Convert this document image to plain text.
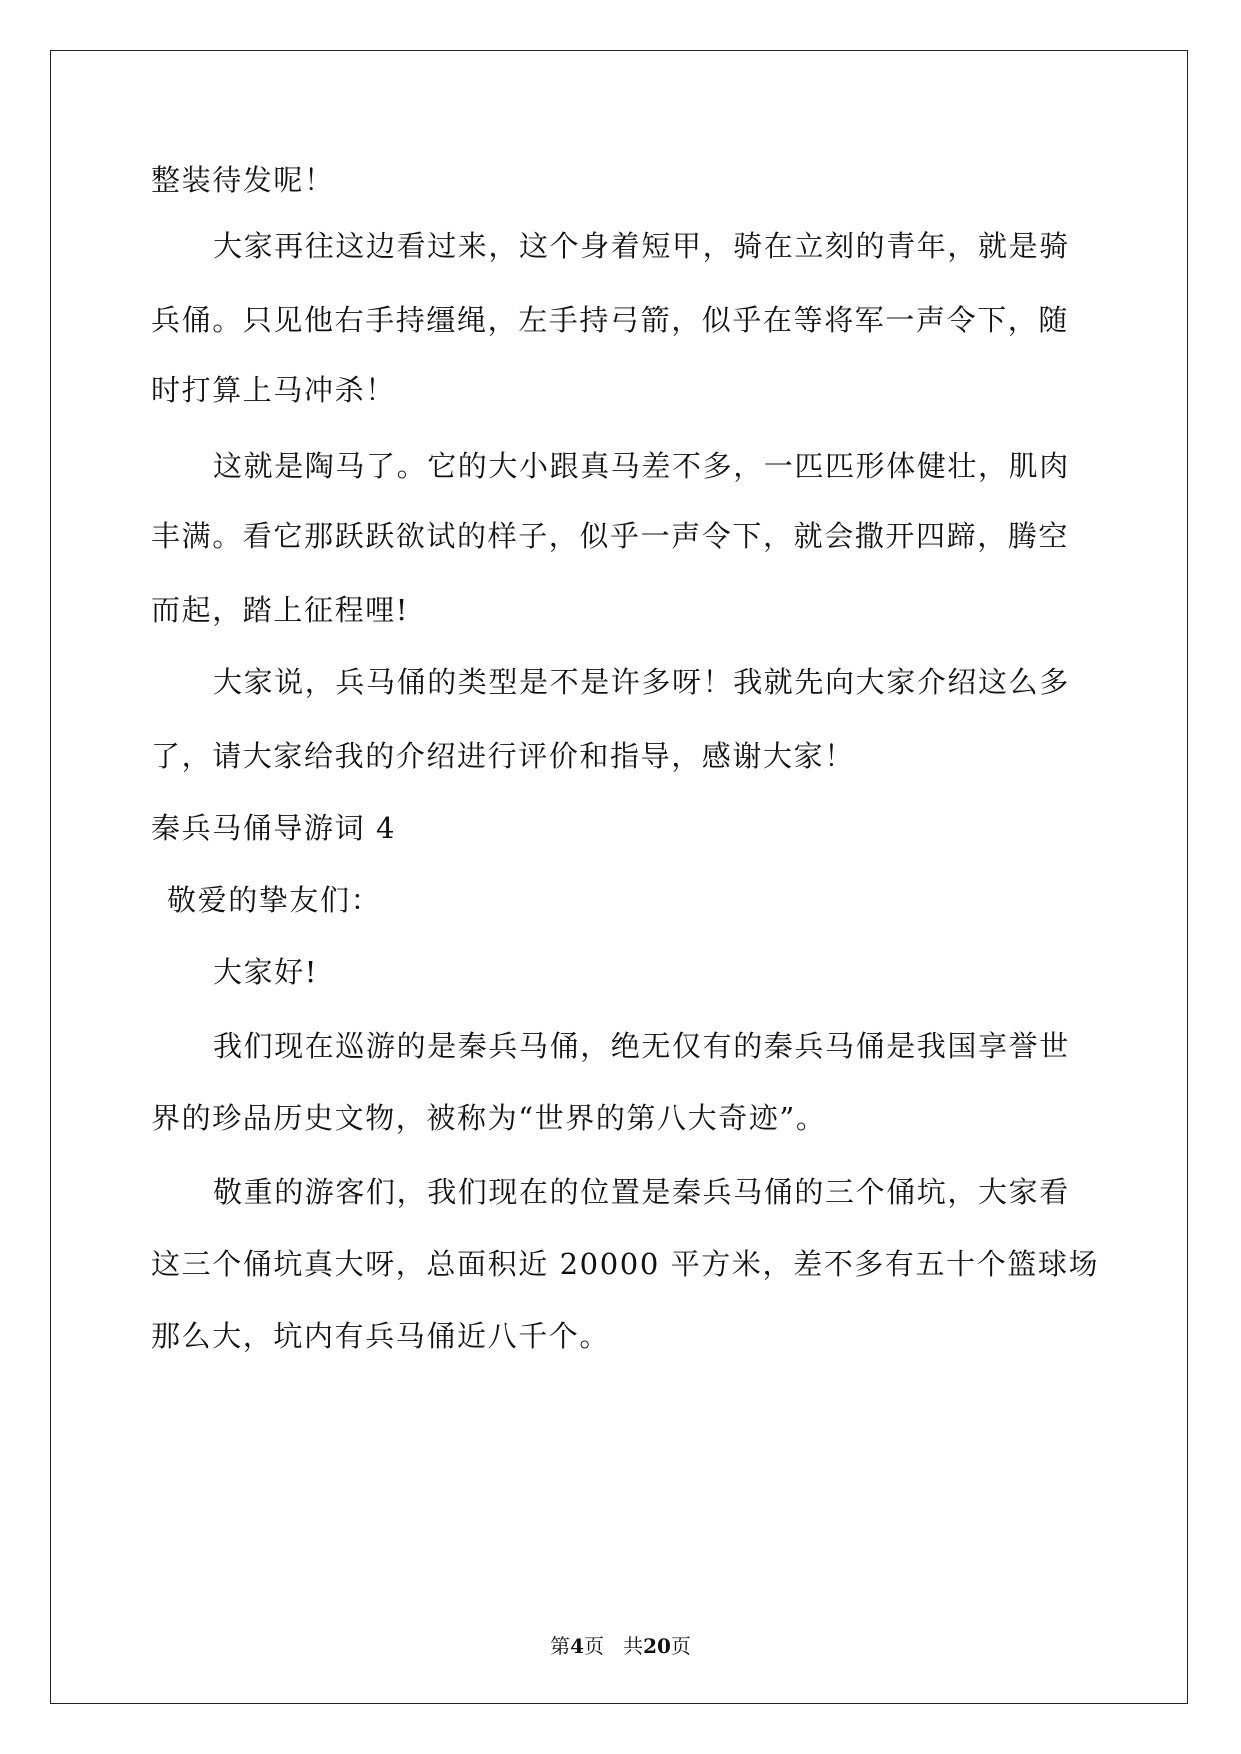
整装待发呢！
大家再往这边看过来，这个身着短甲，骑在立刻的青年，就是骑
兵俑。只见他右手持缰绳，左手持弓箭，似乎在等将军一声令下，随
时打算上马冲杀！
这就是陶马了。它的大小跟真马差不多，一匹匹形体健壮，肌肉
丰满。看它那跃跃欲试的样子，似乎一声令下，就会撒开四蹄，腾空
而起，踏上征程哩!
大家说，兵马俑的类型是不是许多呀！我就先向大家介绍这么多
了，请大家给我的介绍进行评价和指导，感谢大家！
秦兵马俑导游词 4
敬爱的挚友们：
大家好!
我们现在巡游的是秦兵马俑，绝无仅有的秦兵马俑是我国享誉世
界的珍品历史文物，被称为“世界的第八大奇迹”。
敬重的游客们，我们现在的位置是秦兵马俑的三个俑坑，大家看
这三个俑坑真大呀，总面积近 20000 平方米，差不多有五十个篮球场
那么大，坑内有兵马俑近八千个。
第4页 共20页
